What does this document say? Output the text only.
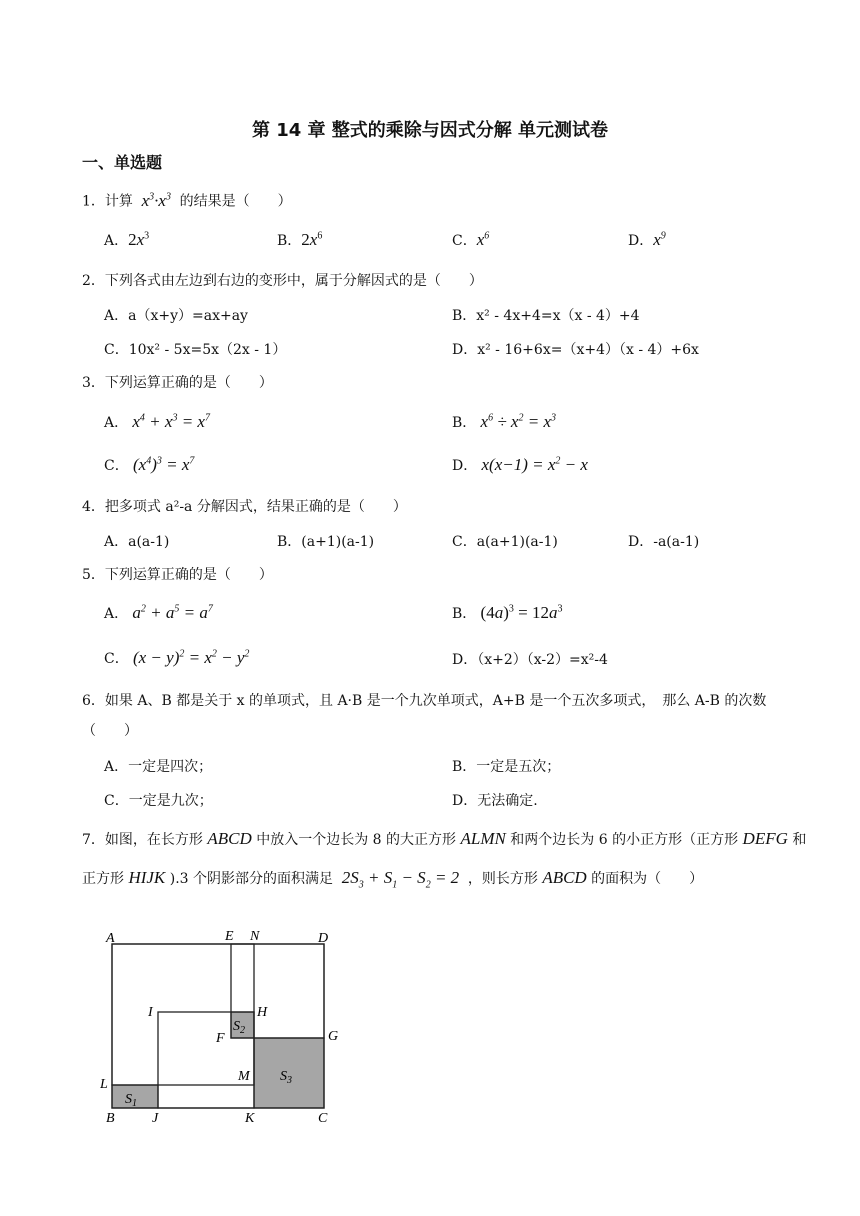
第 14 章 整式的乘除与因式分解 单元测试卷
一、单选题
1．计算  $x^3\cdot x^3$ 的结果是（　　）
A．$2x^3$	B．$2x^6$	C．$x^6$	D．$x^9$
2．下列各式由左边到右边的变形中，属于分解因式的是（　　）
A．a（x+y）=ax+ay	B．x² - 4x+4=x（x - 4）+4
C．10x² - 5x=5x（2x - 1）	D．x² - 16+6x=（x+4）（x - 4）+6x
3．下列运算正确的是（　　）
A． $x^4 + x^3 = x^7$	B． $x^6 \div x^2 = x^3$
C． $(x^4)^3 = x^7$	D． $x(x-1) = x^2 - x$
4．把多项式 a²-a 分解因式，结果正确的是（　　）
A．a(a-1)	B．(a+1)(a-1)	C．a(a+1)(a-1)	D．-a(a-1)
5．下列运算正确的是（　　）
A． $a^2 + a^5 = a^7$	B． $(4a)^3 = 12a^3$
C． $(x - y)^2 = x^2 - y^2$	D．（x+2）（x-2）=x²-4
6．如果 A、B 都是关于 x 的单项式，且 A·B 是一个九次单项式，A+B 是一个五次多项式，　那么 A-B 的次数（　　）
A．一定是四次；	B．一定是五次；
C．一定是九次；	D．无法确定.
7．如图，在长方形 ABCD 中放入一个边长为 8 的大正方形 ALMN 和两个边长为 6 的小正方形（正方形 DEFG 和正方形 HIJK ).3 个阴影部分的面积满足  $2S_3 + S_1 - S_2 = 2$  ，则长方形 ABCD 的面积为（　　）
A	E N	D
I	H
F	G
L
M
B	J	K	C
$S_1$
$S_2$
$S_3$
